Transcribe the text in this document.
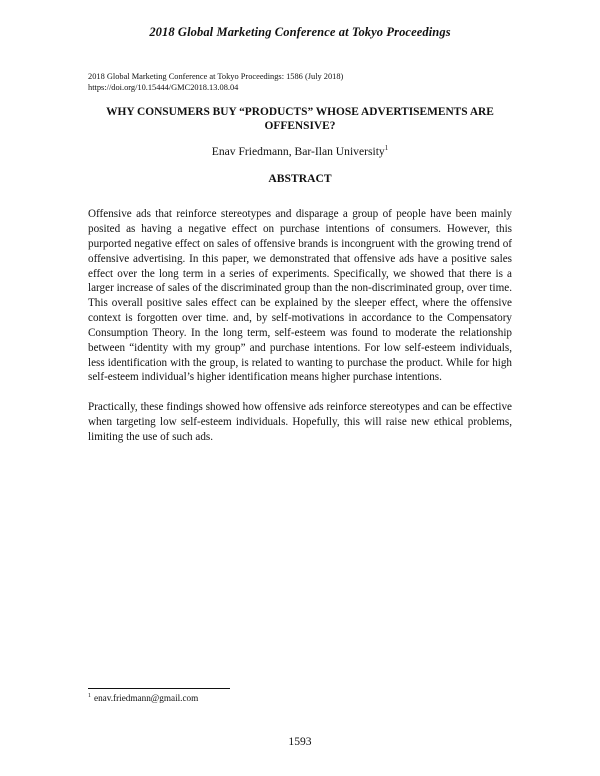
2018 Global Marketing Conference at Tokyo Proceedings
2018 Global Marketing Conference at Tokyo Proceedings: 1586 (July 2018)
https://doi.org/10.15444/GMC2018.13.08.04
WHY CONSUMERS BUY “PRODUCTS” WHOSE ADVERTISEMENTS ARE OFFENSIVE?
Enav Friedmann, Bar-Ilan University$^1$
ABSTRACT

Offensive ads that reinforce stereotypes and disparage a group of people have been mainly posited as having a negative effect on purchase intentions of consumers. However, this purported negative effect on sales of offensive brands is incongruent with the growing trend of offensive advertising. In this paper, we demonstrated that offensive ads have a positive sales effect over the long term in a series of experiments. Specifically, we showed that there is a larger increase of sales of the discriminated group than the non-discriminated group, over time. This overall positive sales effect can be explained by the sleeper effect, where the offensive context is forgotten over time. and, by self-motivations in accordance to the Compensatory Consumption Theory. In the long term, self-esteem was found to moderate the relationship between “identity with my group” and purchase intentions. For low self-esteem individuals, less identification with the group, is related to wanting to purchase the product. While for high self-esteem individual’s higher identification means higher purchase intentions.

Practically, these findings showed how offensive ads reinforce stereotypes and can be effective when targeting low self-esteem individuals. Hopefully, this will raise new ethical problems, limiting the use of such ads.

$^1$ enav.friedmann@gmail.com
1593
